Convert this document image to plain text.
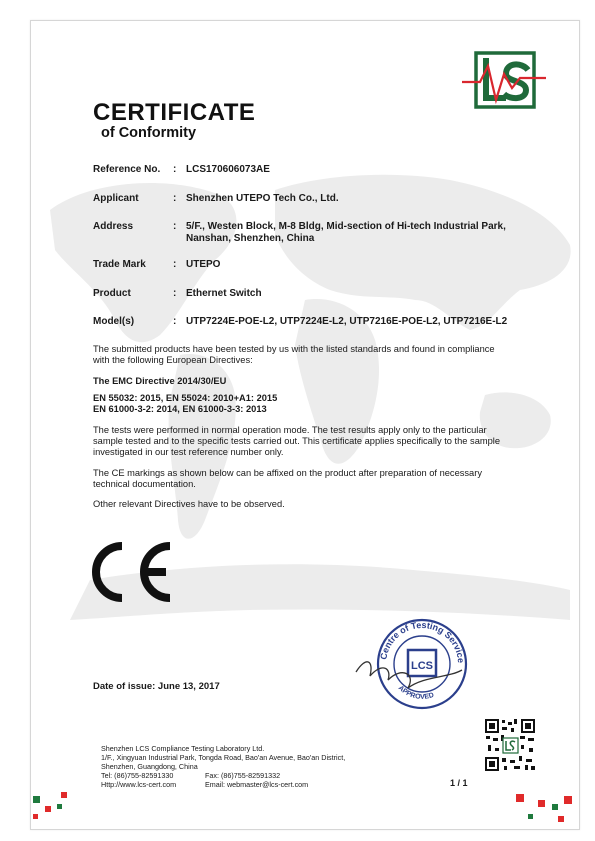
CERTIFICATE
of Conformity
Reference No. : LCS170606073AE
Applicant	: Shenzhen UTEPO Tech Co., Ltd.
Address	: 5/F., Westen Block, M-8 Bldg, Mid-section of Hi-tech Industrial Park,
Nanshan, Shenzhen, China
Trade Mark	: UTEPO
Product	: Ethernet Switch
Model(s)	: UTP7224E-POE-L2, UTP7224E-L2, UTP7216E-POE-L2, UTP7216E-L2
The submitted products have been tested by us with the listed standards and found in compliance
with the following European Directives:
The EMC Directive 2014/30/EU
EN 55032: 2015, EN 55024: 2010+A1: 2015
EN 61000-3-2: 2014, EN 61000-3-3: 2013
The tests were performed in normal operation mode. The test results apply only to the particular
sample tested and to the specific tests carried out. This certificate applies specifically to the sample
investigated in our test reference number only.
The CE markings as shown below can be affixed on the product after preparation of necessary
technical documentation.
Other relevant Directives have to be observed.
Centre of Testing Service
APPROVED
LCS
Date of issue: June 13, 2017
Shenzhen LCS Compliance Testing Laboratory Ltd.
1/F., Xingyuan Industrial Park, Tongda Road, Bao'an Avenue, Bao'an District,
Shenzhen, Guangdong, China
Tel: (86)755-82591330	Fax: (86)755-82591332
Http://www.lcs-cert.com	Email: webmaster@lcs-cert.com	1 / 1
